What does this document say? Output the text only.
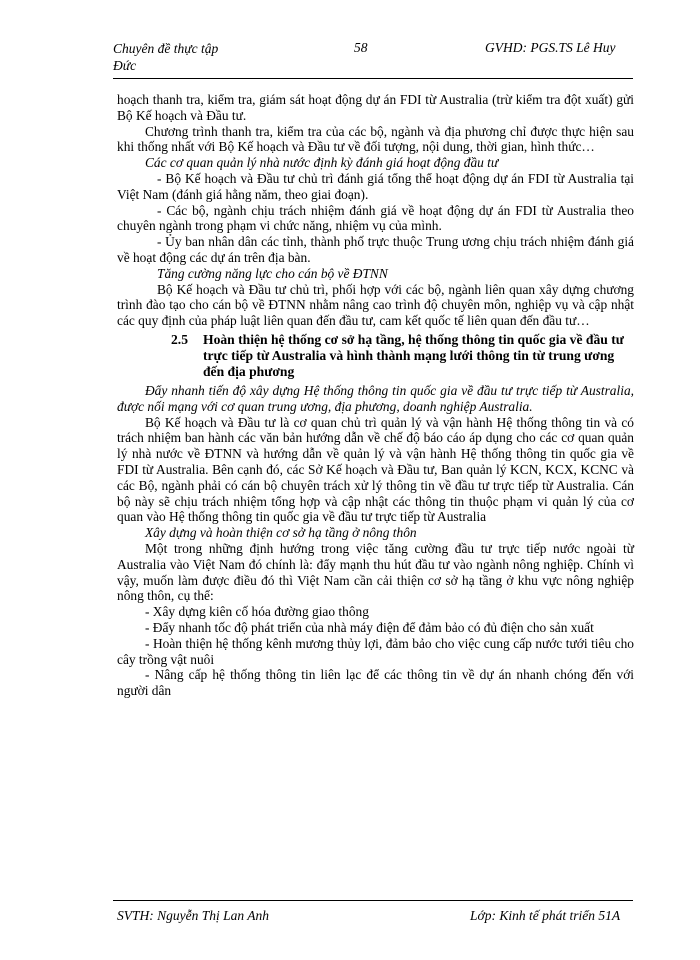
Chuyên đề thực tập
Đức
58	GVHD: PGS.TS Lê Huy

hoạch thanh tra, kiểm tra, giám sát hoạt động dự án FDI từ Australia (trừ kiểm tra đột xuất) gửi Bộ Kế hoạch và Đầu tư.

Chương trình thanh tra, kiểm tra của các bộ, ngành và địa phương chỉ được thực hiện sau khi thống nhất với Bộ Kế hoạch và Đầu tư về đối tượng, nội dung, thời gian, hình thức…

Các cơ quan quản lý nhà nước định kỳ đánh giá hoạt động đầu tư

- Bộ Kế hoạch và Đầu tư chủ trì đánh giá tổng thể hoạt động dự án FDI từ Australia tại Việt Nam (đánh giá hằng năm, theo giai đoạn).

- Các bộ, ngành chịu trách nhiệm đánh giá về hoạt động dự án FDI từ Australia theo chuyên ngành trong phạm vi chức năng, nhiệm vụ của mình.

- Ủy ban nhân dân các tỉnh, thành phố trực thuộc Trung ương chịu trách nhiệm đánh giá về hoạt động các dự án trên địa bàn.

Tăng cường năng lực cho cán bộ về ĐTNN

Bộ Kế hoạch và Đầu tư chủ trì, phối hợp với các bộ, ngành liên quan xây dựng chương trình đào tạo cho cán bộ về ĐTNN nhằm nâng cao trình độ chuyên môn, nghiệp vụ và cập nhật các quy định của pháp luật liên quan đến đầu tư, cam kết quốc tế liên quan đến đầu tư…

2.5 Hoàn thiện hệ thống cơ sở hạ tầng, hệ thống thông tin quốc gia về đầu tư trực tiếp từ Australia và hình thành mạng lưới thông tin từ trung ương đến địa phương

Đẩy nhanh tiến độ xây dựng Hệ thống thông tin quốc gia về đầu tư trực tiếp từ Australia, được nối mạng với cơ quan trung ương, địa phương, doanh nghiệp Australia.

Bộ Kế hoạch và Đầu tư là cơ quan chủ trì quản lý và vận hành Hệ thống thông tin và có trách nhiệm ban hành các văn bản hướng dẫn về chế độ báo cáo áp dụng cho các cơ quan quản lý nhà nước về ĐTNN và hướng dẫn về quản lý và vận hành Hệ thống thông tin quốc gia về FDI từ Australia. Bên cạnh đó, các Sở Kế hoạch và Đầu tư, Ban quản lý KCN, KCX, KCNC và các Bộ, ngành phải có cán bộ chuyên trách xử lý thông tin về đầu tư trực tiếp từ Australia. Cán bộ này sẽ chịu trách nhiệm tổng hợp và cập nhật các thông tin thuộc phạm vi quản lý của cơ quan vào Hệ thống thông tin quốc gia về đầu tư trực tiếp từ Australia

Xây dựng và hoàn thiện cơ sở hạ tầng ở nông thôn

Một trong những định hướng trong việc tăng cường đầu tư trực tiếp nước ngoài từ Australia vào Việt Nam đó chính là: đẩy mạnh thu hút đầu tư vào ngành nông nghiệp. Chính vì vậy, muốn làm được điều đó thì Việt Nam cần cải thiện cơ sở hạ tầng ở khu vực nông nghiệp nông thôn, cụ thể:

- Xây dựng kiên cố hóa đường giao thông

- Đẩy nhanh tốc độ phát triển của nhà máy điện để đảm bảo có đủ điện cho sản xuất

- Hoàn thiện hệ thống kênh mương thủy lợi, đảm bảo cho việc cung cấp nước tưới tiêu cho cây trồng vật nuôi

- Nâng cấp hệ thống thông tin liên lạc để các thông tin về dự án nhanh chóng đến với người dân

SVTH: Nguyễn Thị Lan Anh	Lớp: Kinh tế phát triển 51A
